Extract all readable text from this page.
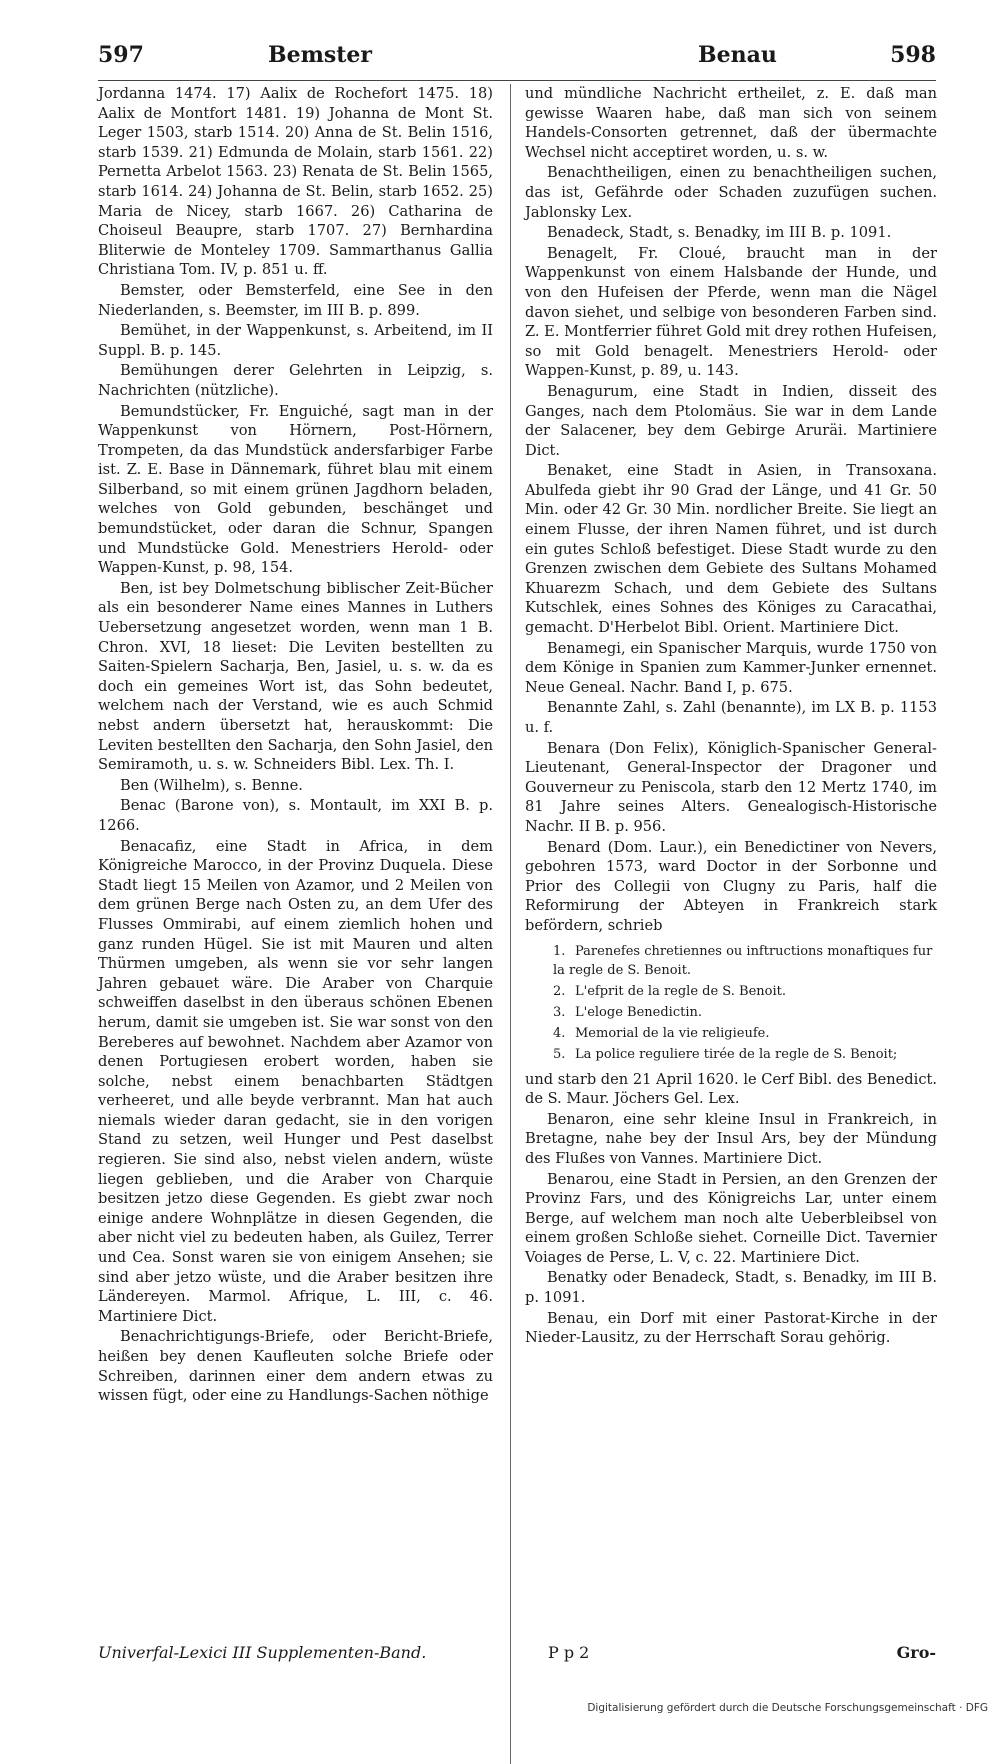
597	Bemster	Benau	598

Jordanna 1474. 17) Aalix de Rochefort 1475. 18) Aalix de Montfort 1481. 19) Johanna de Mont St. Leger 1503, starb 1514. 20) Anna de St. Belin 1516, starb 1539. 21) Edmunda de Molain, starb 1561. 22) Pernetta Arbelot 1563. 23) Renata de St. Belin 1565, starb 1614. 24) Johanna de St. Belin, starb 1652. 25) Maria de Nicey, starb 1667. 26) Catharina de Choiseul Beaupre, starb 1707. 27) Bernhardina Bliterwie de Monteley 1709. Sammarthanus Gallia Christiana Tom. IV, p. 851 u. ff.

Bemster, oder Bemsterfeld, eine See in den Niederlanden, s. Beemster, im III B. p. 899.

Bemühet, in der Wappenkunst, s. Arbeitend, im II Suppl. B. p. 145.

Bemühungen derer Gelehrten in Leipzig, s. Nachrichten (nützliche).

Bemundstücker, Fr. Enguiché, sagt man in der Wappenkunst von Hörnern, Post-Hörnern, Trompeten, da das Mundstück andersfarbiger Farbe ist. Z. E. Base in Dännemark, führet blau mit einem Silberband, so mit einem grünen Jagdhorn beladen, welches von Gold gebunden, beschänget und bemundstücket, oder daran die Schnur, Spangen und Mundstücke Gold. Menestriers Herold- oder Wappen-Kunst, p. 98, 154.

Ben, ist bey Dolmetschung biblischer Zeit-Bücher als ein besonderer Name eines Mannes in Luthers Uebersetzung angesetzet worden, wenn man 1 B. Chron. XVI, 18 lieset: Die Leviten bestellten zu Saiten-Spielern Sacharja, Ben, Jasiel, u. s. w. da es doch ein gemeines Wort ist, das Sohn bedeutet, welchem nach der Verstand, wie es auch Schmid nebst andern übersetzt hat, herauskommt: Die Leviten bestellten den Sacharja, den Sohn Jasiel, den Semiramoth, u. s. w. Schneiders Bibl. Lex. Th. I.

Ben (Wilhelm), s. Benne.

Benac (Barone von), s. Montault, im XXI B. p. 1266.

Benacafiz, eine Stadt in Africa, in dem Königreiche Marocco, in der Provinz Duquela. Diese Stadt liegt 15 Meilen von Azamor, und 2 Meilen von dem grünen Berge nach Osten zu, an dem Ufer des Flusses Ommirabi, auf einem ziemlich hohen und ganz runden Hügel. Sie ist mit Mauren und alten Thürmen umgeben, als wenn sie vor sehr langen Jahren gebauet wäre. Die Araber von Charquie schweiffen daselbst in den überaus schönen Ebenen herum, damit sie umgeben ist. Sie war sonst von den Bereberes auf bewohnet. Nachdem aber Azamor von denen Portugiesen erobert worden, haben sie solche, nebst einem benachbarten Städtgen verheeret, und alle beyde verbrannt. Man hat auch niemals wieder daran gedacht, sie in den vorigen Stand zu setzen, weil Hunger und Pest daselbst regieren. Sie sind also, nebst vielen andern, wüste liegen geblieben, und die Araber von Charquie besitzen jetzo diese Gegenden. Es giebt zwar noch einige andere Wohnplätze in diesen Gegenden, die aber nicht viel zu bedeuten haben, als Guilez, Terrer und Cea. Sonst waren sie von einigem Ansehen; sie sind aber jetzo wüste, und die Araber besitzen ihre Ländereyen. Marmol. Afrique, L. III, c. 46. Martiniere Dict.

Benachrichtigungs-Briefe, oder Bericht-Briefe, heißen bey denen Kaufleuten solche Briefe oder Schreiben, darinnen einer dem andern etwas zu wissen fügt, oder eine zu Handlungs-Sachen nöthige

und mündliche Nachricht ertheilet, z. E. daß man gewisse Waaren habe, daß man sich von seinem Handels-Consorten getrennet, daß der übermachte Wechsel nicht acceptiret worden, u. s. w.

Benachtheiligen, einen zu benachtheiligen suchen, das ist, Gefährde oder Schaden zuzufügen suchen. Jablonsky Lex.

Benadeck, Stadt, s. Benadky, im III B. p. 1091.

Benagelt, Fr. Cloué, braucht man in der Wappenkunst von einem Halsbande der Hunde, und von den Hufeisen der Pferde, wenn man die Nägel davon siehet, und selbige von besonderen Farben sind. Z. E. Montferrier führet Gold mit drey rothen Hufeisen, so mit Gold benagelt. Menestriers Herold- oder Wappen-Kunst, p. 89, u. 143.

Benagurum, eine Stadt in Indien, disseit des Ganges, nach dem Ptolomäus. Sie war in dem Lande der Salacener, bey dem Gebirge Aruräi. Martiniere Dict.

Benaket, eine Stadt in Asien, in Transoxana. Abulfeda giebt ihr 90 Grad der Länge, und 41 Gr. 50 Min. oder 42 Gr. 30 Min. nordlicher Breite. Sie liegt an einem Flusse, der ihren Namen führet, und ist durch ein gutes Schloß befestiget. Diese Stadt wurde zu den Grenzen zwischen dem Gebiete des Sultans Mohamed Khuarezm Schach, und dem Gebiete des Sultans Kutschlek, eines Sohnes des Königes zu Caracathai, gemacht. D'Herbelot Bibl. Orient. Martiniere Dict.

Benamegi, ein Spanischer Marquis, wurde 1750 von dem Könige in Spanien zum Kammer-Junker ernennet. Neue Geneal. Nachr. Band I, p. 675.

Benannte Zahl, s. Zahl (benannte), im LX B. p. 1153 u. f.

Benara (Don Felix), Königlich-Spanischer General-Lieutenant, General-Inspector der Dragoner und Gouverneur zu Peniscola, starb den 12 Mertz 1740, im 81 Jahre seines Alters. Genealogisch-Historische Nachr. II B. p. 956.

Benard (Dom. Laur.), ein Benedictiner von Nevers, gebohren 1573, ward Doctor in der Sorbonne und Prior des Collegii von Clugny zu Paris, half die Reformirung der Abteyen in Frankreich stark befördern, schrieb

1. Parenefes chretiennes ou inftructions monaftiques fur la regle de S. Benoit.
2. L'efprit de la regle de S. Benoit.
3. L'eloge Benedictin.
4. Memorial de la vie religieufe.
5. La police reguliere tirée de la regle de S. Benoit;

und starb den 21 April 1620. le Cerf Bibl. des Benedict. de S. Maur. Jöchers Gel. Lex.

Benaron, eine sehr kleine Insul in Frankreich, in Bretagne, nahe bey der Insul Ars, bey der Mündung des Flußes von Vannes. Martiniere Dict.

Benarou, eine Stadt in Persien, an den Grenzen der Provinz Fars, und des Königreichs Lar, unter einem Berge, auf welchem man noch alte Ueberbleibsel von einem großen Schloße siehet. Corneille Dict. Tavernier Voiages de Perse, L. V, c. 22. Martiniere Dict.

Benatky oder Benadeck, Stadt, s. Benadky, im III B. p. 1091.

Benau, ein Dorf mit einer Pastorat-Kirche in der Nieder-Lausitz, zu der Herrschaft Sorau gehörig.

Univerfal-Lexici III Supplementen-Band.	P p 2	Gro-
Digitalisierung gefördert durch die Deutsche Forschungsgemeinschaft · DFG
